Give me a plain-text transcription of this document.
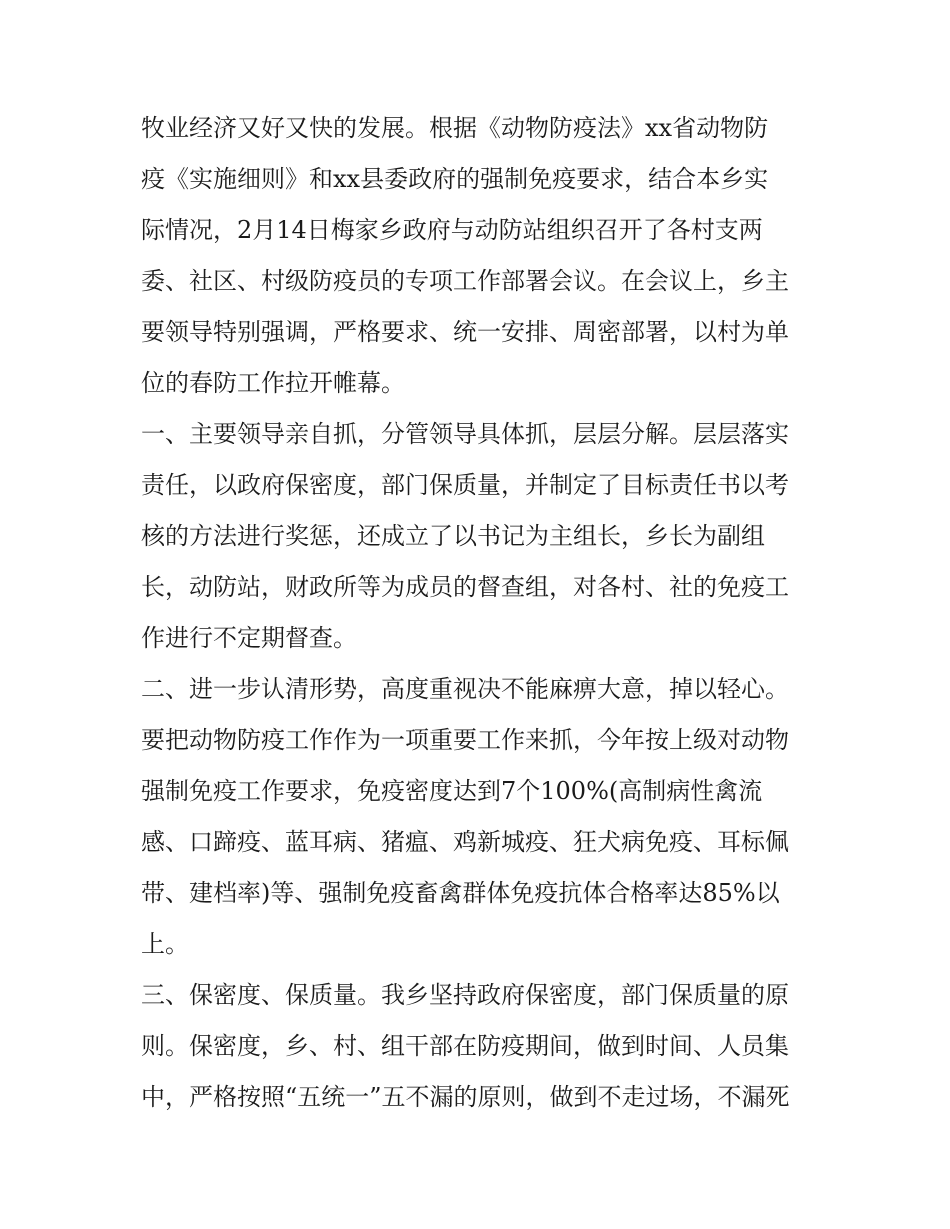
牧业经济又好又快的发展。根据《动物防疫法》xx省动物防
疫《实施细则》和xx县委政府的强制免疫要求，结合本乡实
际情况，2月14日梅家乡政府与动防站组织召开了各村支两
委、社区、村级防疫员的专项工作部署会议。在会议上，乡主
要领导特别强调，严格要求、统一安排、周密部署，以村为单
位的春防工作拉开帷幕。
一、主要领导亲自抓，分管领导具体抓，层层分解。层层落实
责任，以政府保密度，部门保质量，并制定了目标责任书以考
核的方法进行奖惩，还成立了以书记为主组长，乡长为副组
长，动防站，财政所等为成员的督查组，对各村、社的免疫工
作进行不定期督查。
二、进一步认清形势，高度重视决不能麻痹大意，掉以轻心。
要把动物防疫工作作为一项重要工作来抓，今年按上级对动物
强制免疫工作要求，免疫密度达到7个100%(高制病性禽流
感、口蹄疫、蓝耳病、猪瘟、鸡新城疫、狂犬病免疫、耳标佩
带、建档率)等、强制免疫畜禽群体免疫抗体合格率达85%以
上。
三、保密度、保质量。我乡坚持政府保密度，部门保质量的原
则。保密度，乡、村、组干部在防疫期间，做到时间、人员集
中，严格按照“五统一”五不漏的原则，做到不走过场，不漏死
